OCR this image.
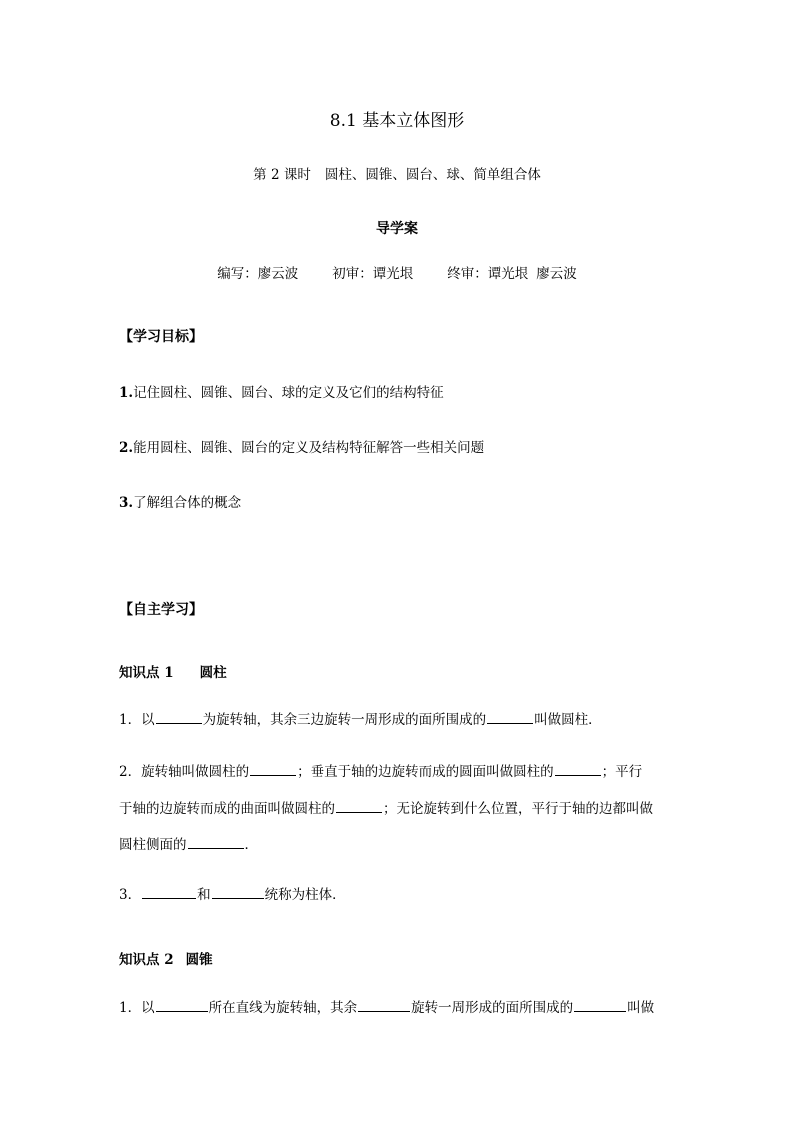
8.1 基本立体图形
第 2 课时 圆柱、圆锥、圆台、球、简单组合体
导学案
编写：廖云波	初审：谭光垠	终审：谭光垠 廖云波
【学习目标】
1.记住圆柱、圆锥、圆台、球的定义及它们的结构特征
2.能用圆柱、圆锥、圆台的定义及结构特征解答一些相关问题
3.了解组合体的概念
【自主学习】
知识点 1 圆柱
1．以	为旋转轴，其余三边旋转一周形成的面所围成的	叫做圆柱．
2．旋转轴叫做圆柱的	；垂直于轴的边旋转而成的圆面叫做圆柱的	；平行
于轴的边旋转而成的曲面叫做圆柱的	；无论旋转到什么位置，平行于轴的边都叫做
圆柱侧面的	．
3．	和	统称为柱体．
知识点 2 圆锥
1．以	所在直线为旋转轴，其余	旋转一周形成的面所围成的	叫做
